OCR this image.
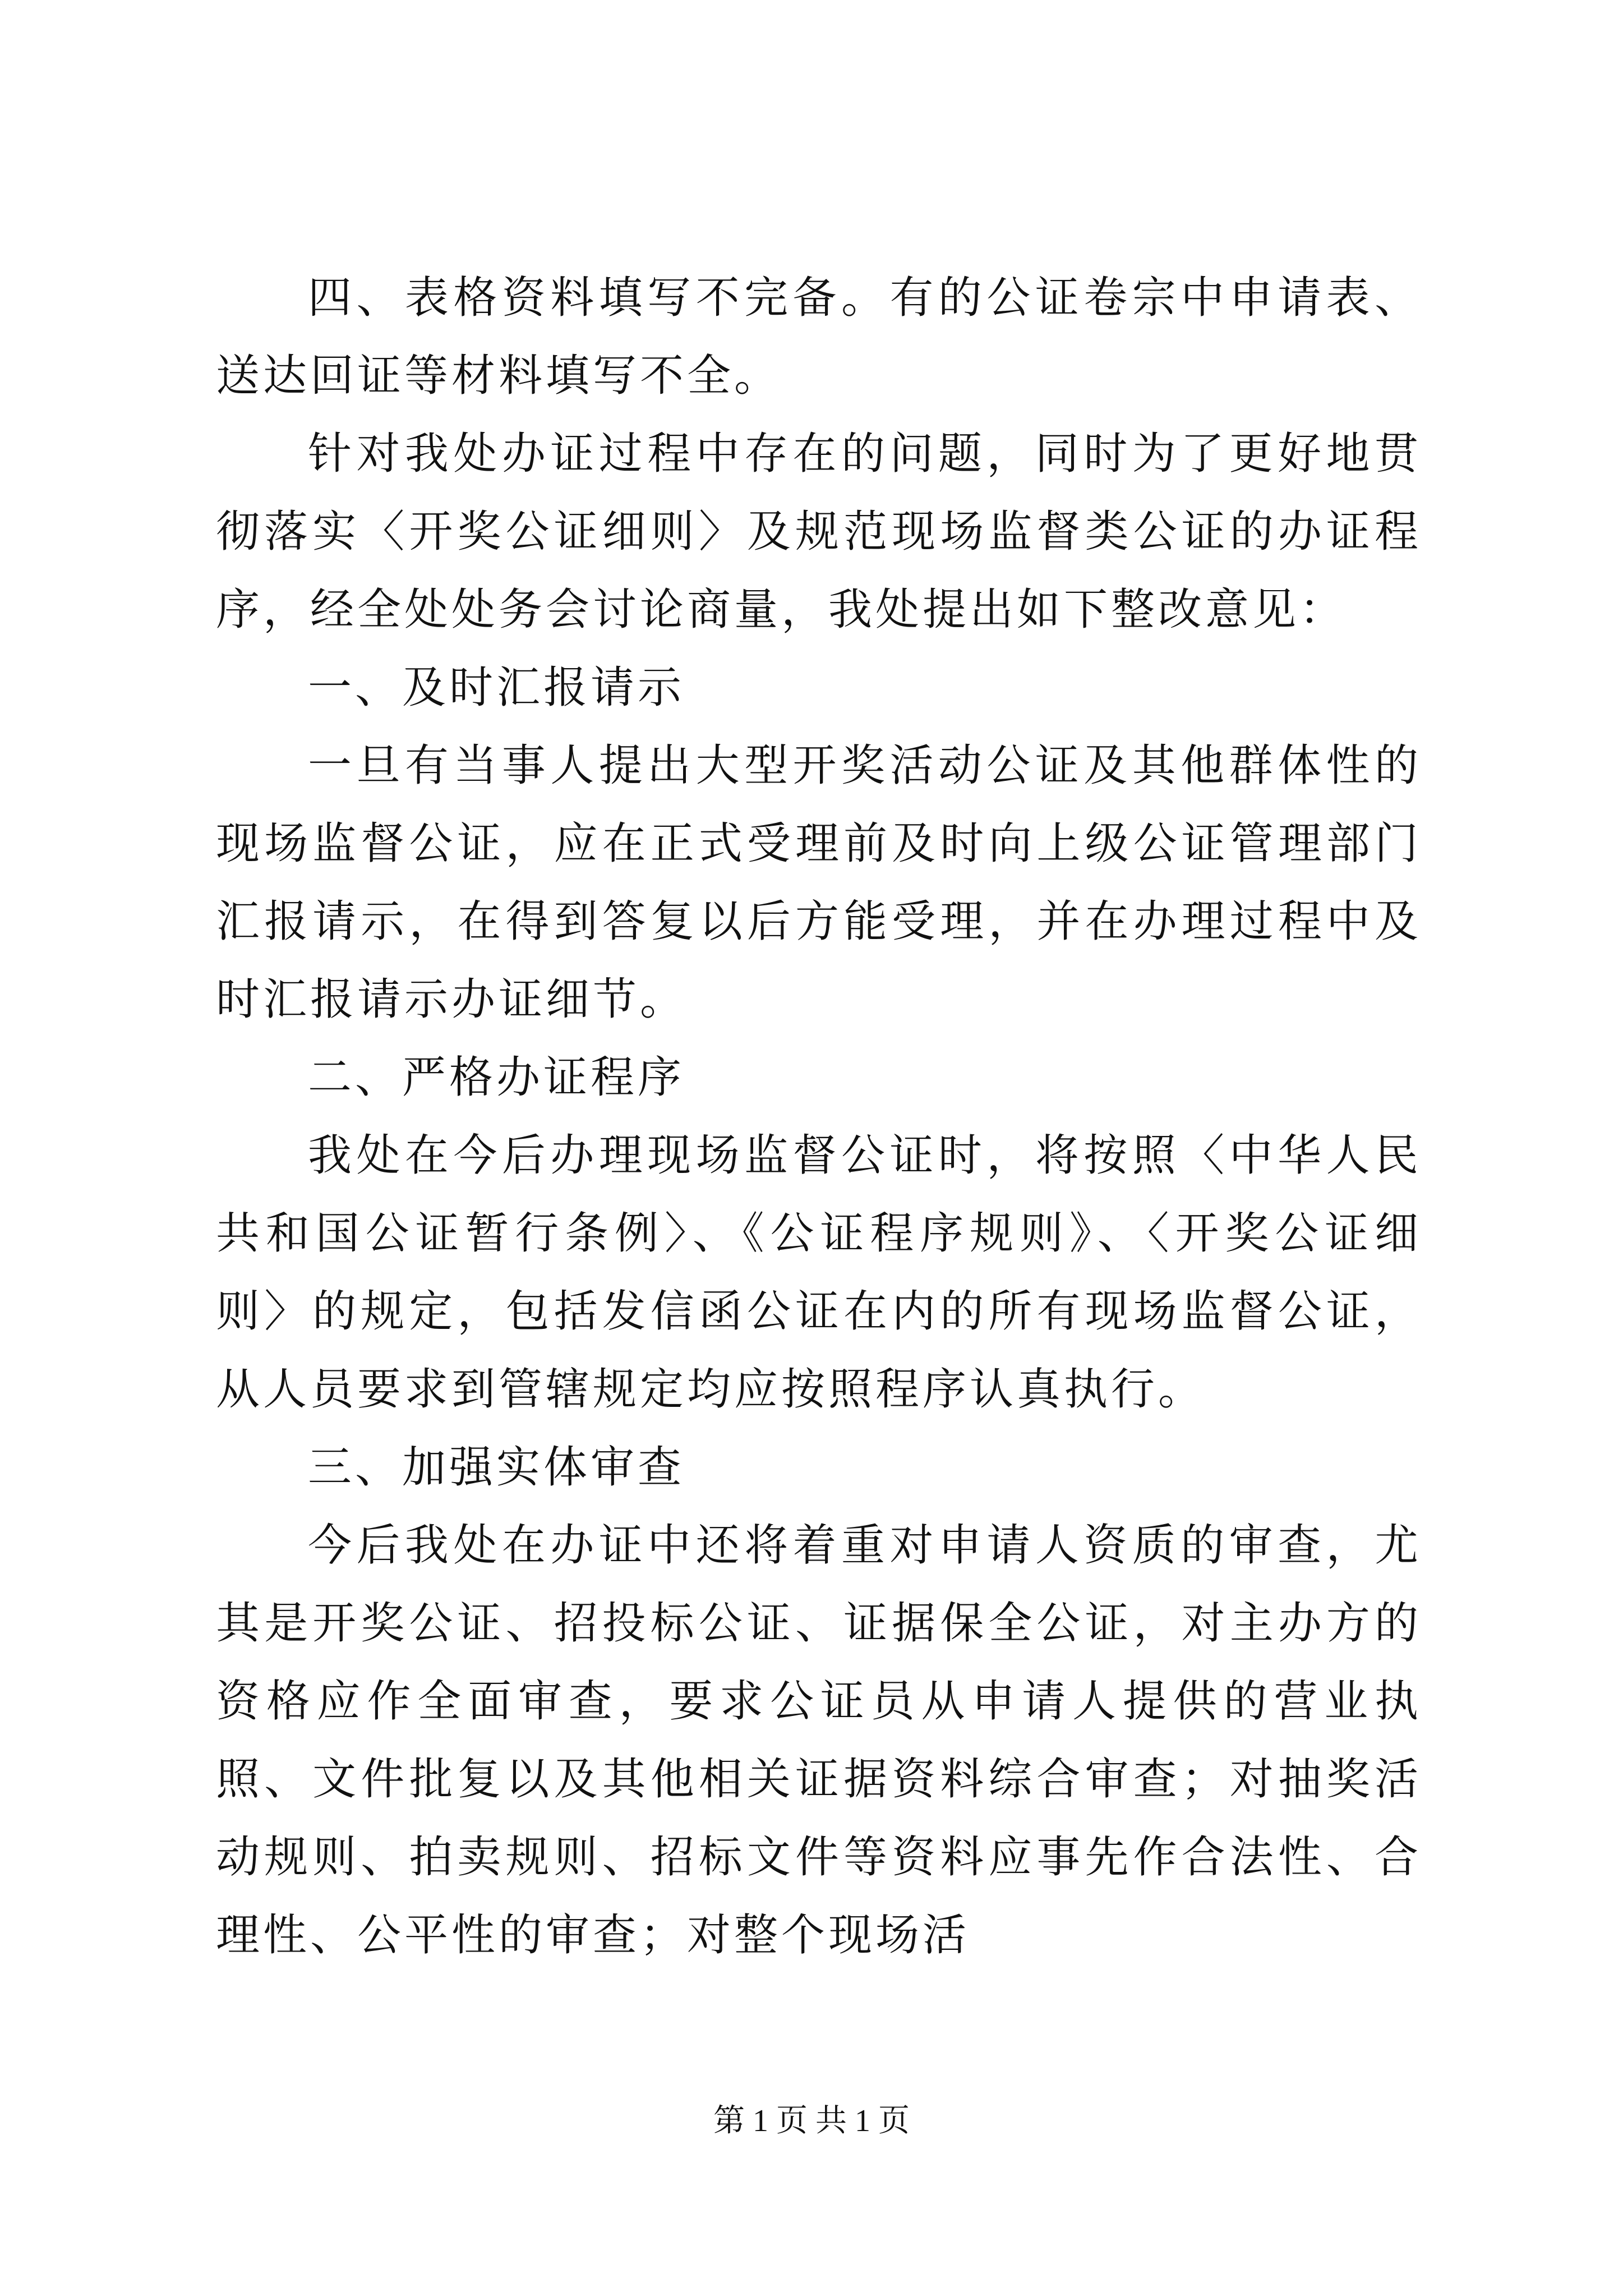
四、表格资料填写不完备。有的公证卷宗中申请表、送达回证等材料填写不全。

针对我处办证过程中存在的问题，同时为了更好地贯彻落实〈开奖公证细则〉及规范现场监督类公证的办证程序，经全处处务会讨论商量，我处提出如下整改意见：

一、及时汇报请示

一旦有当事人提出大型开奖活动公证及其他群体性的现场监督公证，应在正式受理前及时向上级公证管理部门汇报请示，在得到答复以后方能受理，并在办理过程中及时汇报请示办证细节。

二、严格办证程序

我处在今后办理现场监督公证时，将按照〈中华人民共和国公证暂行条例〉、《公证程序规则》、〈开奖公证细则〉的规定，包括发信函公证在内的所有现场监督公证，从人员要求到管辖规定均应按照程序认真执行。

三、加强实体审查

今后我处在办证中还将着重对申请人资质的审查，尤其是开奖公证、招投标公证、证据保全公证，对主办方的资格应作全面审查，要求公证员从申请人提供的营业执照、文件批复以及其他相关证据资料综合审查；对抽奖活动规则、拍卖规则、招标文件等资料应事先作合法性、合理性、公平性的审查；对整个现场活

第 1 页 共 1 页
